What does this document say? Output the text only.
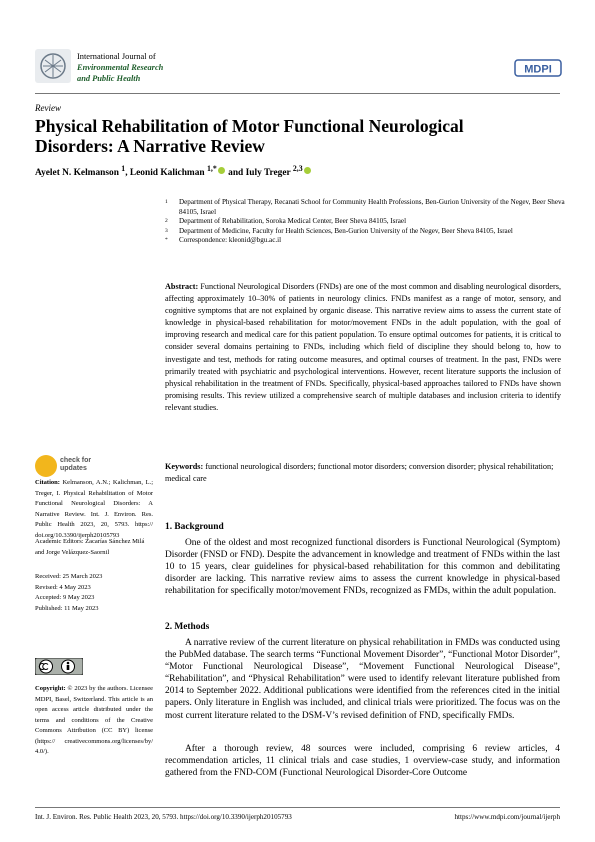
International Journal of
Environmental Research
and Public Health
MDPI
Review
Physical Rehabilitation of Motor Functional Neurological Disorders: A Narrative Review
Ayelet N. Kelmanson $^1$, Leonid Kalichman $^{1,*}$ and Iuly Treger $^{2,3}$
1 Department of Physical Therapy, Recanati School for Community Health Professions, Ben-Gurion University of the Negev, Beer Sheva 84105, Israel
2 Department of Rehabilitation, Soroka Medical Center, Beer Sheva 84105, Israel
3 Department of Medicine, Faculty for Health Sciences, Ben-Gurion University of the Negev, Beer Sheva 84105, Israel
* Correspondence: kleonid@bgu.ac.il
Abstract: Functional Neurological Disorders (FNDs) are one of the most common and disabling neurological disorders, affecting approximately 10–30% of patients in neurology clinics. FNDs manifest as a range of motor, sensory, and cognitive symptoms that are not explained by organic disease. This narrative review aims to assess the current state of knowledge in physical-based rehabilitation for motor/movement FNDs in the adult population, with the goal of improving research and medical care for this patient population. To ensure optimal outcomes for patients, it is critical to consider several domains pertaining to FNDs, including which field of discipline they should belong to, how to investigate and test, methods for rating outcome measures, and optimal courses of treatment. In the past, FNDs were primarily treated with psychiatric and psychological interventions. However, recent literature supports the inclusion of physical rehabilitation in the treatment of FNDs. Specifically, physical-based approaches tailored to FNDs have shown promising results. This review utilized a comprehensive search of multiple databases and inclusion criteria to identify relevant studies.
Keywords: functional neurological disorders; functional motor disorders; conversion disorder; physical rehabilitation; medical care
1. Background
One of the oldest and most recognized functional disorders is Functional Neurological (Symptom) Disorder (FNSD or FND). Despite the advancement in knowledge and treatment of FNDs within the last 10 to 15 years, clear guidelines for physical-based rehabilitation for this common and debilitating disorder are lacking. This narrative review aims to assess the current knowledge in physical-based rehabilitation for specifically motor/movement FNDs, recognized as FMDs, within the adult population.
2. Methods
A narrative review of the current literature on physical rehabilitation in FMDs was conducted using the PubMed database. The search terms “Functional Movement Disorder”, “Functional Motor Disorder”, “Motor Functional Neurological Disease”, “Movement Functional Neurological Disease”, “Rehabilitation”, and “Physical Rehabilitation” were used to identify relevant literature published from 2014 to September 2022. Additional publications were identified from the references cited in the initial papers. Only literature in English was included, and clinical trials were prioritized. The focus was on the most current literature related to the DSM-V’s revised definition of FND, specifically FMDs.
After a thorough review, 48 sources were included, comprising 6 review articles, 4 recommendation articles, 11 clinical trials and case studies, 1 overview-case study, and information gathered from the FND-COM (Functional Neurological Disorder-Core Outcome
check for
updates
Citation: Kelmanson, A.N.; Kalichman, L.; Treger, I. Physical Rehabilitation of Motor Functional Neurological Disorders: A Narrative Review. Int. J. Environ. Res. Public Health 2023, 20, 5793. https:// doi.org/10.3390/ijerph20105793
Academic Editors: Zacarías Sánchez Milá and Jorge Velázquez-Saornil
Received: 25 March 2023
Revised: 4 May 2023
Accepted: 9 May 2023
Published: 11 May 2023
Copyright: © 2023 by the authors. Licensee MDPI, Basel, Switzerland. This article is an open access article distributed under the terms and conditions of the Creative Commons Attribution (CC BY) license (https:// creativecommons.org/licenses/by/ 4.0/).
Int. J. Environ. Res. Public Health 2023, 20, 5793. https://doi.org/10.3390/ijerph20105793	https://www.mdpi.com/journal/ijerph
